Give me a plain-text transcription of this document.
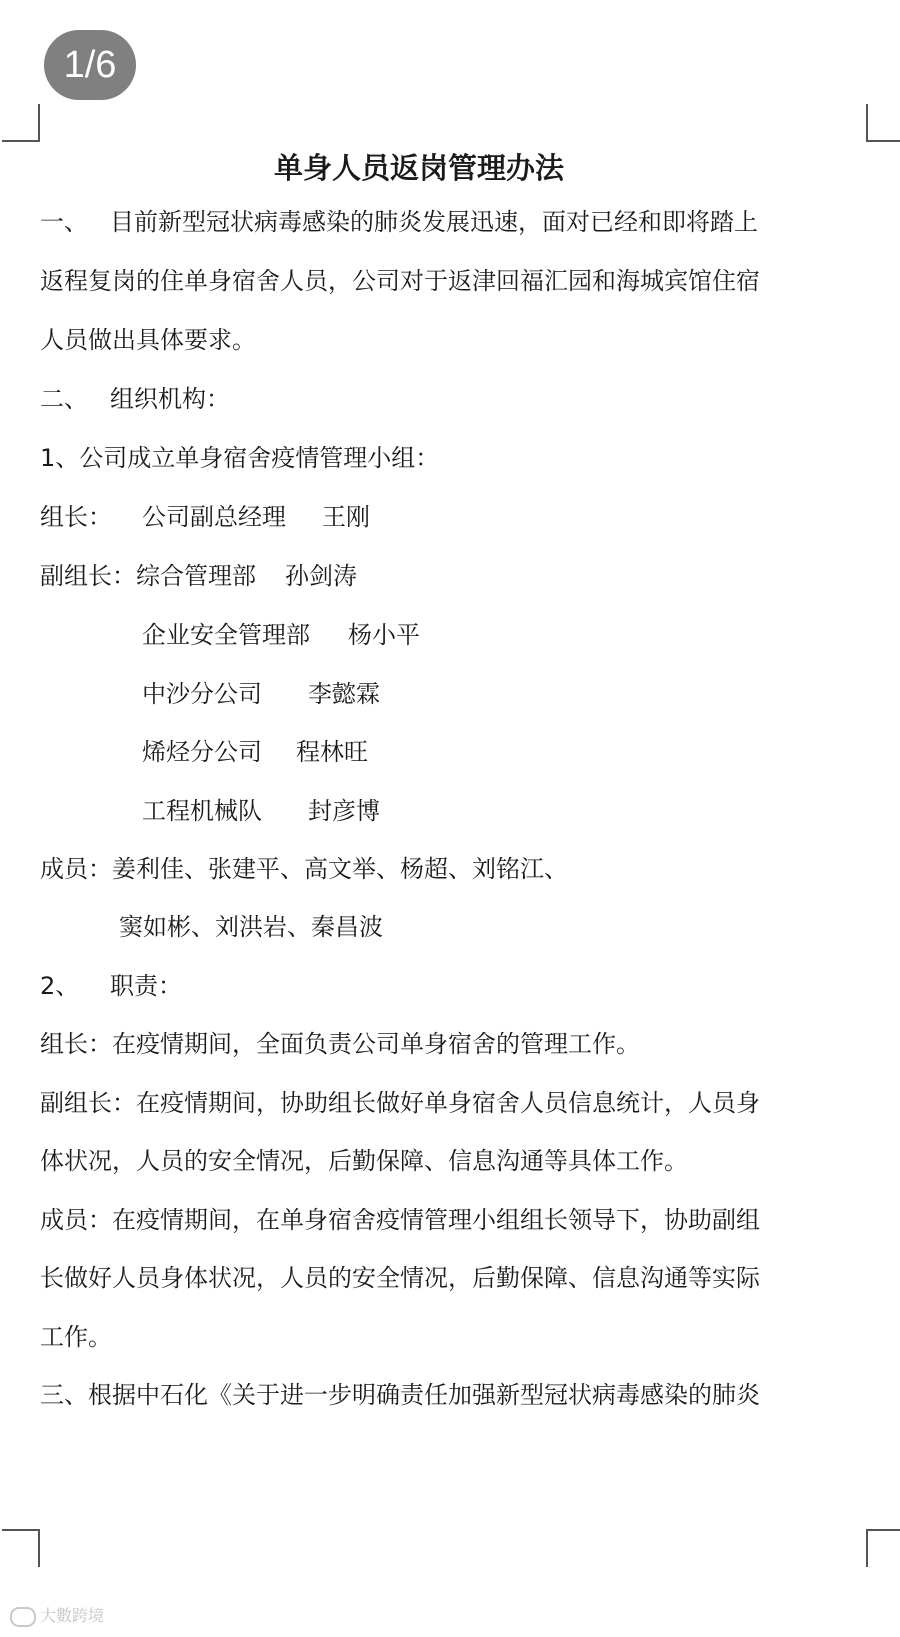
1/6
单身人员返岗管理办法
一、 目前新型冠状病毒感染的肺炎发展迅速，面对已经和即将踏上
返程复岗的住单身宿舍人员，公司对于返津回福汇园和海城宾馆住宿
人员做出具体要求。
二、 组织机构：
1、公司成立单身宿舍疫情管理小组：
组长： 公司副总经理 王刚
副组长：综合管理部 孙剑涛
企业安全管理部 杨小平
中沙分公司 李懿霖
烯烃分公司 程林旺
工程机械队 封彦博
成员：姜利佳、张建平、高文举、杨超、刘铭江、
窦如彬、刘洪岩、秦昌波
2、 职责：
组长：在疫情期间，全面负责公司单身宿舍的管理工作。
副组长：在疫情期间，协助组长做好单身宿舍人员信息统计，人员身
体状况，人员的安全情况，后勤保障、信息沟通等具体工作。
成员：在疫情期间，在单身宿舍疫情管理小组组长领导下，协助副组
长做好人员身体状况，人员的安全情况，后勤保障、信息沟通等实际
工作。
三、根据中石化《关于进一步明确责任加强新型冠状病毒感染的肺炎
大數跨境
